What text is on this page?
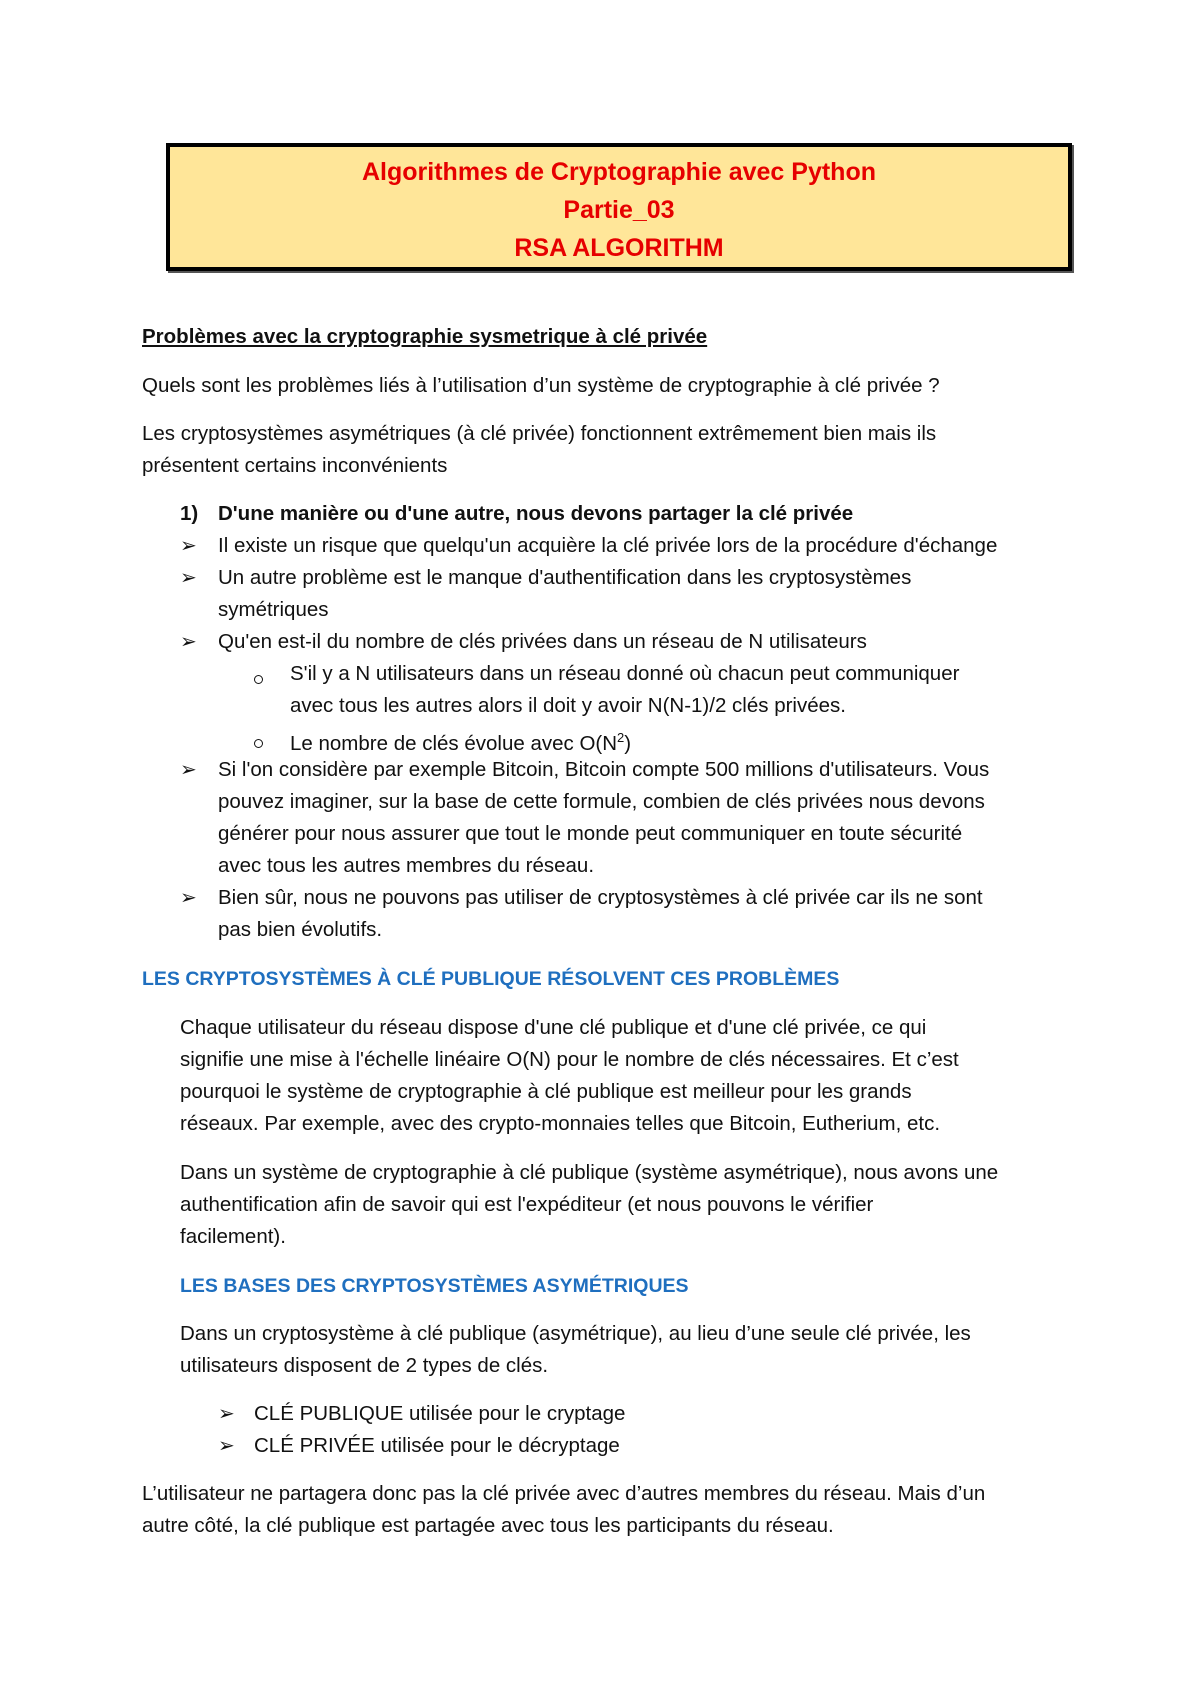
Algorithmes de Cryptographie avec Python
Partie_03
RSA ALGORITHM
Problèmes avec la cryptographie sysmetrique à clé privée
Quels sont les problèmes liés à l’utilisation d’un système de cryptographie à clé privée ?
Les cryptosystèmes asymétriques (à clé privée) fonctionnent extrêmement bien mais ils
présentent certains inconvénients
1) D'une manière ou d'une autre, nous devons partager la clé privée
➢ Il existe un risque que quelqu'un acquière la clé privée lors de la procédure d'échange
➢ Un autre problème est le manque d'authentification dans les cryptosystèmes
symétriques
➢ Qu'en est-il du nombre de clés privées dans un réseau de N utilisateurs
S'il y a N utilisateurs dans un réseau donné où chacun peut communiquer
avec tous les autres alors il doit y avoir N(N-1)/2 clés privées.
Le nombre de clés évolue avec $O(N^2)$
➢ Si l'on considère par exemple Bitcoin, Bitcoin compte 500 millions d'utilisateurs. Vous
pouvez imaginer, sur la base de cette formule, combien de clés privées nous devons
générer pour nous assurer que tout le monde peut communiquer en toute sécurité
avec tous les autres membres du réseau.
➢ Bien sûr, nous ne pouvons pas utiliser de cryptosystèmes à clé privée car ils ne sont
pas bien évolutifs.
LES CRYPTOSYSTÈMES À CLÉ PUBLIQUE RÉSOLVENT CES PROBLÈMES
Chaque utilisateur du réseau dispose d'une clé publique et d'une clé privée, ce qui
signifie une mise à l'échelle linéaire O(N) pour le nombre de clés nécessaires. Et c’est
pourquoi le système de cryptographie à clé publique est meilleur pour les grands
réseaux. Par exemple, avec des crypto-monnaies telles que Bitcoin, Eutherium, etc.
Dans un système de cryptographie à clé publique (système asymétrique), nous avons une
authentification afin de savoir qui est l'expéditeur (et nous pouvons le vérifier
facilement).
LES BASES DES CRYPTOSYSTÈMES ASYMÉTRIQUES
Dans un cryptosystème à clé publique (asymétrique), au lieu d’une seule clé privée, les
utilisateurs disposent de 2 types de clés.
➢ CLÉ PUBLIQUE utilisée pour le cryptage
➢ CLÉ PRIVÉE utilisée pour le décryptage
L’utilisateur ne partagera donc pas la clé privée avec d’autres membres du réseau. Mais d’un
autre côté, la clé publique est partagée avec tous les participants du réseau.
